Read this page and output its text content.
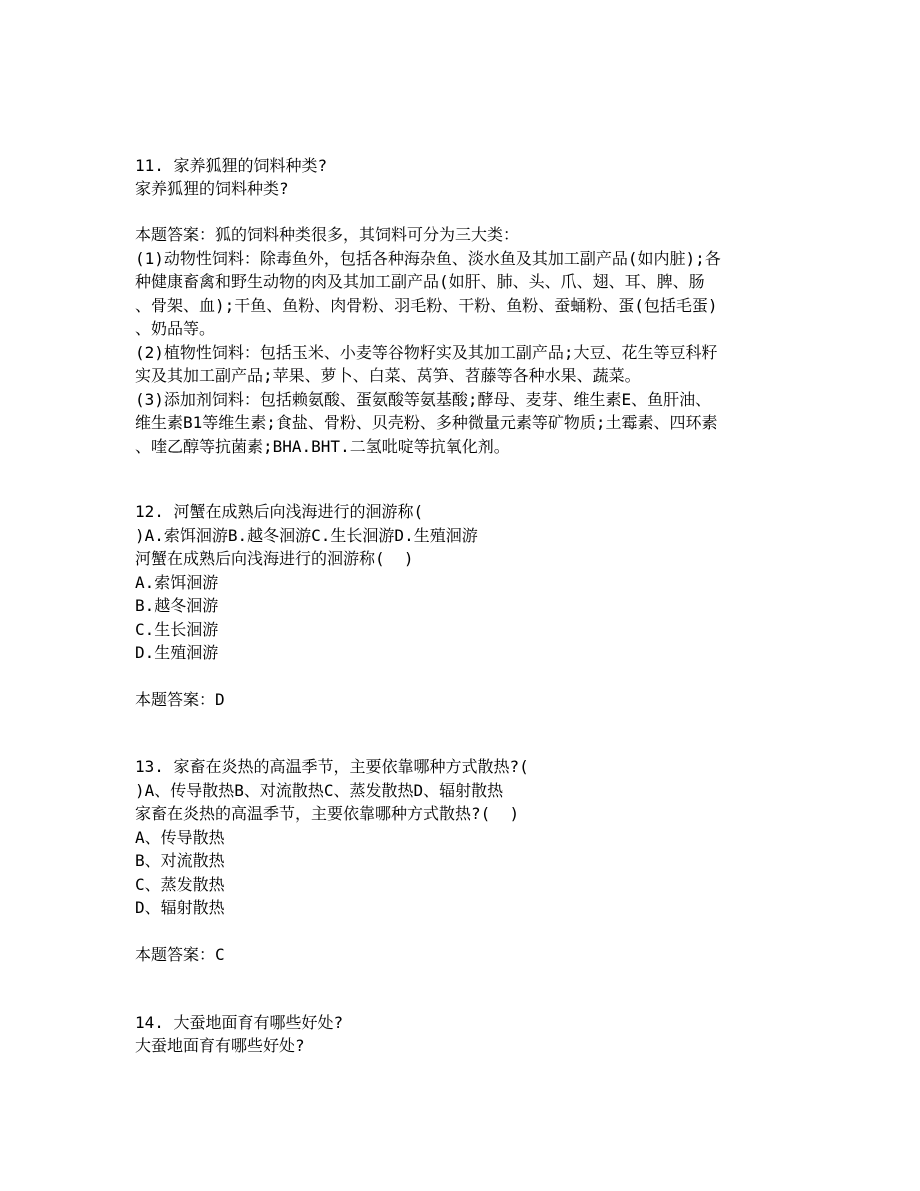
11. 家养狐狸的饲料种类?
家养狐狸的饲料种类?
本题答案：狐的饲料种类很多，其饲料可分为三大类：
(1)动物性饲料：除毒鱼外，包括各种海杂鱼、淡水鱼及其加工副产品(如内脏);各
种健康畜禽和野生动物的肉及其加工副产品(如肝、肺、头、爪、翅、耳、脾、肠
、骨架、血);干鱼、鱼粉、肉骨粉、羽毛粉、干粉、鱼粉、蚕蛹粉、蛋(包括毛蛋)
、奶品等。
(2)植物性饲料：包括玉米、小麦等谷物籽实及其加工副产品;大豆、花生等豆科籽
实及其加工副产品;苹果、萝卜、白菜、莴笋、苕藤等各种水果、蔬菜。
(3)添加剂饲料：包括赖氨酸、蛋氨酸等氨基酸;酵母、麦芽、维生素E、鱼肝油、
维生素B1等维生素;食盐、骨粉、贝壳粉、多种微量元素等矿物质;土霉素、四环素
、喹乙醇等抗菌素;BHA.BHT.二氢吡啶等抗氧化剂。
12. 河蟹在成熟后向浅海进行的洄游称(
)A.索饵洄游B.越冬洄游C.生长洄游D.生殖洄游
河蟹在成熟后向浅海进行的洄游称(  )
A.索饵洄游
B.越冬洄游
C.生长洄游
D.生殖洄游
本题答案：D
13. 家畜在炎热的高温季节，主要依靠哪种方式散热?(
)A、传导散热B、对流散热C、蒸发散热D、辐射散热
家畜在炎热的高温季节，主要依靠哪种方式散热?(  )
A、传导散热
B、对流散热
C、蒸发散热
D、辐射散热
本题答案：C
14. 大蚕地面育有哪些好处?
大蚕地面育有哪些好处?
